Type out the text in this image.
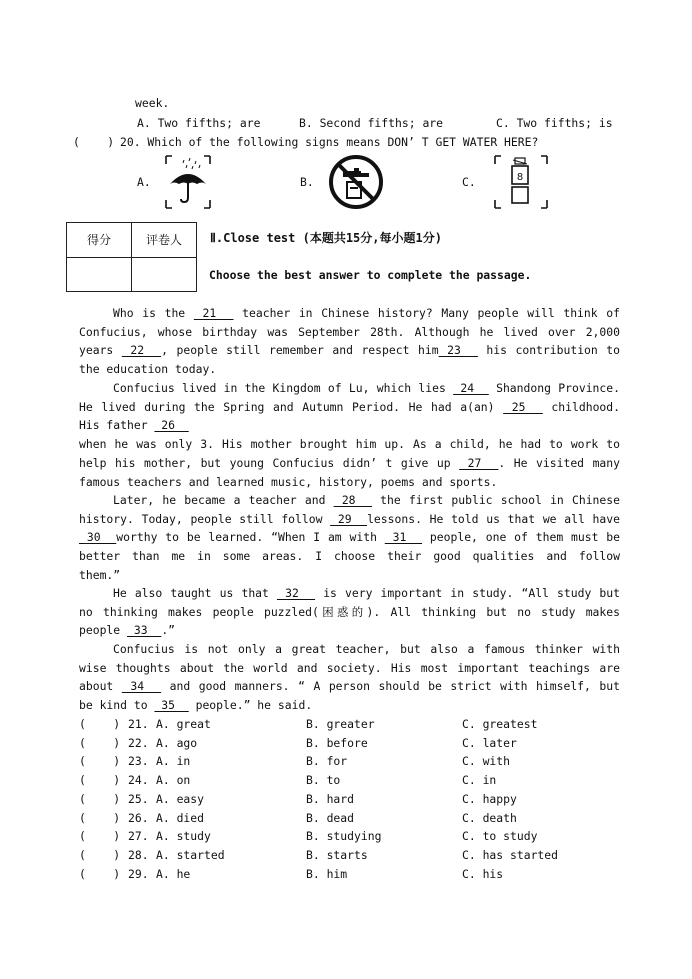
week.
A. Two fifths; are	B. Second fifths; are	C. Two fifths; is
(    ) 20. Which of the following signs means DON’ T GET WATER HERE?
A.	B.	C.	8
得分	评卷人
	Ⅱ.Close test (本题共15分,每小题1分)
Choose the best answer to complete the passage.
Who is the  21   teacher in Chinese history? Many people will think of
Confucius, whose birthday was September 28th. Although he lived over 2,000
years  22  , people still remember and respect him 23   his contribution to
the education today.
Confucius lived in the Kingdom of Lu, which lies  24   Shandong Province.
He lived during the Spring and Autumn Period. He had a(an)  25   childhood.
His father  26
when he was only 3. His mother brought him up. As a child, he had to work to
help his mother, but young Confucius didn’ t give up  27  . He visited many
famous teachers and learned music, history, poems and sports.
Later, he became a teacher and  28   the first public school in Chinese
history. Today, people still follow  29  lessons. He told us that we all have
30  worthy to be learned. “When I am with  31   people, one of them must be
better than me in some areas. I choose their good qualities and follow
them.”
He also taught us that  32   is very important in study. “All study but
no thinking makes people puzzled(困惑的). All thinking but no study makes
people  33  .”
Confucius is not only a great teacher, but also a famous thinker with
wise thoughts about the world and society. His most important teachings are
about  34   and good manners. “ A person should be strict with himself, but
be kind to  35   people.” he said.
(    ) 21. A. great	B. greater	C. greatest
(    ) 22. A. ago	B. before	C. later
(    ) 23. A. in	B. for	C. with
(    ) 24. A. on	B. to	C. in
(    ) 25. A. easy	B. hard	C. happy
(    ) 26. A. died	B. dead	C. death
(    ) 27. A. study	B. studying	C. to study
(    ) 28. A. started	B. starts	C. has started
(    ) 29. A. he	B. him	C. his
